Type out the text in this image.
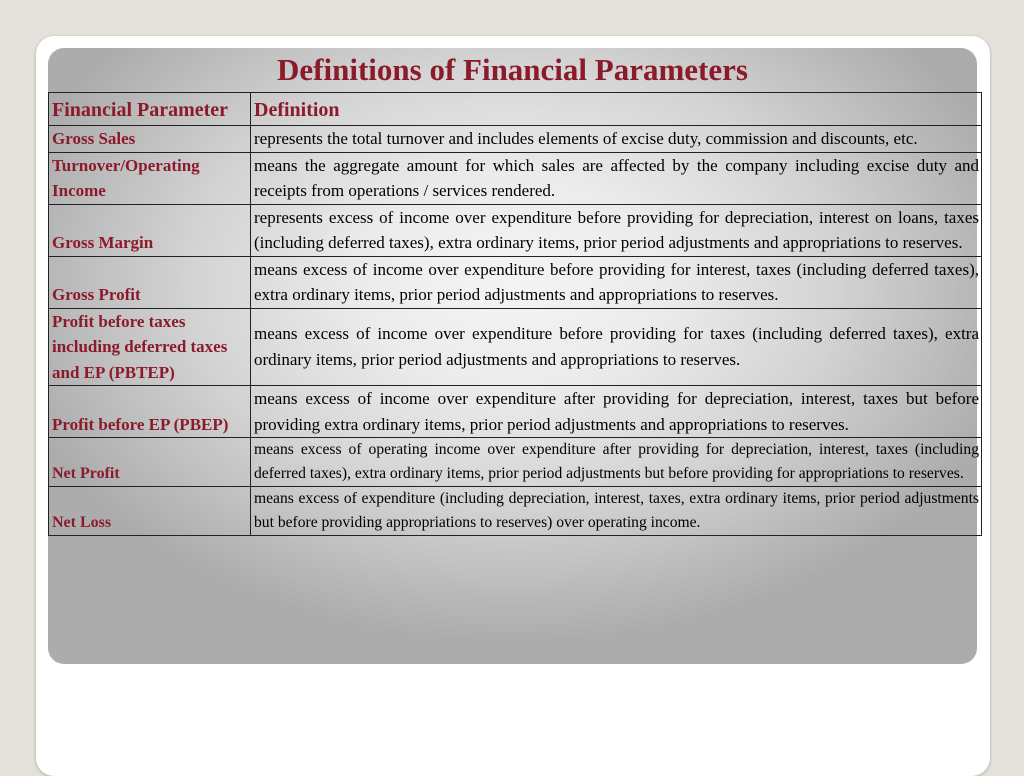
Definitions of Financial Parameters
Financial Parameter	Definition
Gross Sales	represents the total turnover and includes elements of excise duty, commission and discounts, etc.
Turnover/Operating Income	means the aggregate amount for which sales are affected by the company including excise duty and receipts from operations / services rendered.
Gross Margin	represents excess of income over expenditure before providing for depreciation, interest on loans, taxes (including deferred taxes), extra ordinary items, prior period adjustments and appropriations to reserves.
Gross Profit	means excess of income over expenditure before providing for interest, taxes (including deferred taxes), extra ordinary items, prior period adjustments and appropriations to reserves.
Profit before taxes including deferred taxes and EP (PBTEP)	means excess of income over expenditure before providing for taxes (including deferred taxes), extra ordinary items, prior period adjustments and appropriations to reserves.
Profit before EP (PBEP)	means excess of income over expenditure after providing for depreciation, interest, taxes but before providing extra ordinary items, prior period adjustments and appropriations to reserves.
Net Profit	means excess of operating income over expenditure after providing for depreciation, interest, taxes (including deferred taxes), extra ordinary items, prior period adjustments but before providing for appropriations to reserves.
Net Loss	means excess of expenditure (including depreciation, interest, taxes, extra ordinary items, prior period adjustments but before providing appropriations to reserves) over operating income.
